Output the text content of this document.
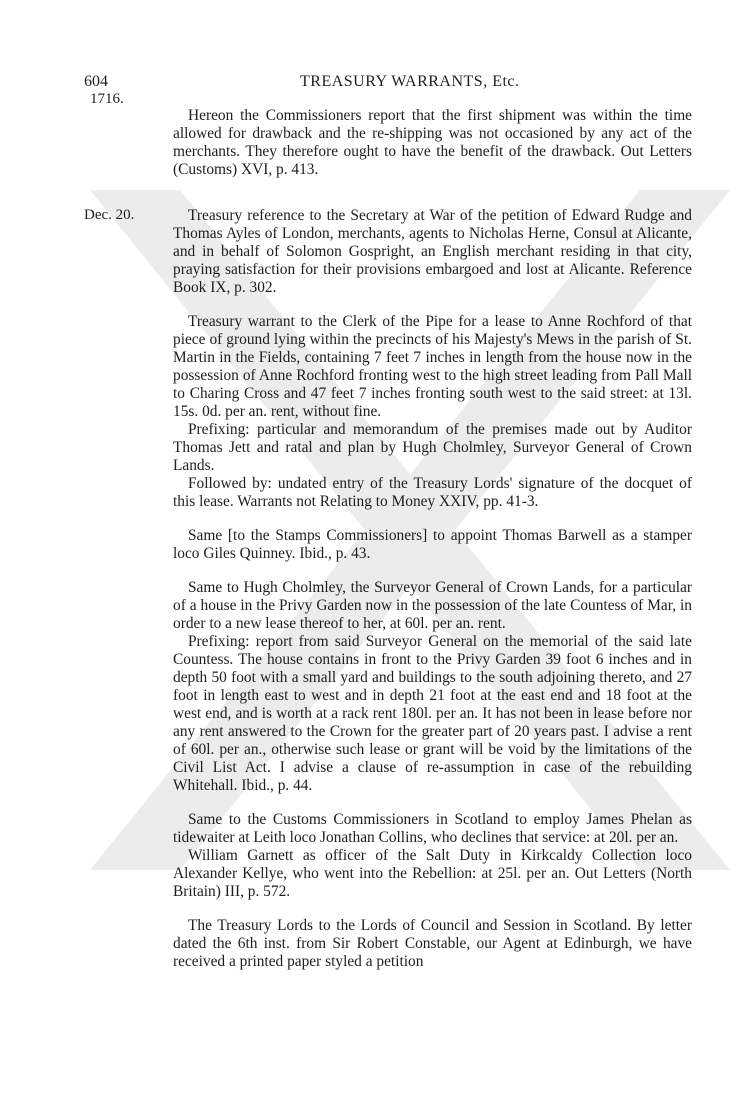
604	TREASURY WARRANTS, Etc.
1716.
Dec. 20.

Hereon the Commissioners report that the first shipment was within the time allowed for drawback and the re-shipping was not occasioned by any act of the merchants. They therefore ought to have the benefit of the drawback. Out Letters (Customs) XVI, p. 413.

Treasury reference to the Secretary at War of the petition of Edward Rudge and Thomas Ayles of London, merchants, agents to Nicholas Herne, Consul at Alicante, and in behalf of Solomon Gospright, an English merchant residing in that city, praying satisfaction for their provisions embargoed and lost at Alicante. Reference Book IX, p. 302.

Treasury warrant to the Clerk of the Pipe for a lease to Anne Rochford of that piece of ground lying within the precincts of his Majesty's Mews in the parish of St. Martin in the Fields, containing 7 feet 7 inches in length from the house now in the possession of Anne Rochford fronting west to the high street leading from Pall Mall to Charing Cross and 47 feet 7 inches fronting south west to the said street: at 13l. 15s. 0d. per an. rent, without fine.

Prefixing: particular and memorandum of the premises made out by Auditor Thomas Jett and ratal and plan by Hugh Cholmley, Surveyor General of Crown Lands.

Followed by: undated entry of the Treasury Lords' signature of the docquet of this lease. Warrants not Relating to Money XXIV, pp. 41-3.

Same [to the Stamps Commissioners] to appoint Thomas Barwell as a stamper loco Giles Quinney. Ibid., p. 43.

Same to Hugh Cholmley, the Surveyor General of Crown Lands, for a particular of a house in the Privy Garden now in the possession of the late Countess of Mar, in order to a new lease thereof to her, at 60l. per an. rent.

Prefixing: report from said Surveyor General on the memorial of the said late Countess. The house contains in front to the Privy Garden 39 foot 6 inches and in depth 50 foot with a small yard and buildings to the south adjoining thereto, and 27 foot in length east to west and in depth 21 foot at the east end and 18 foot at the west end, and is worth at a rack rent 180l. per an. It has not been in lease before nor any rent answered to the Crown for the greater part of 20 years past. I advise a rent of 60l. per an., otherwise such lease or grant will be void by the limitations of the Civil List Act. I advise a clause of re-assumption in case of the rebuilding Whitehall. Ibid., p. 44.

Same to the Customs Commissioners in Scotland to employ James Phelan as tidewaiter at Leith loco Jonathan Collins, who declines that service: at 20l. per an.

William Garnett as officer of the Salt Duty in Kirkcaldy Collection loco Alexander Kellye, who went into the Rebellion: at 25l. per an. Out Letters (North Britain) III, p. 572.

The Treasury Lords to the Lords of Council and Session in Scotland. By letter dated the 6th inst. from Sir Robert Constable, our Agent at Edinburgh, we have received a printed paper styled a petition
